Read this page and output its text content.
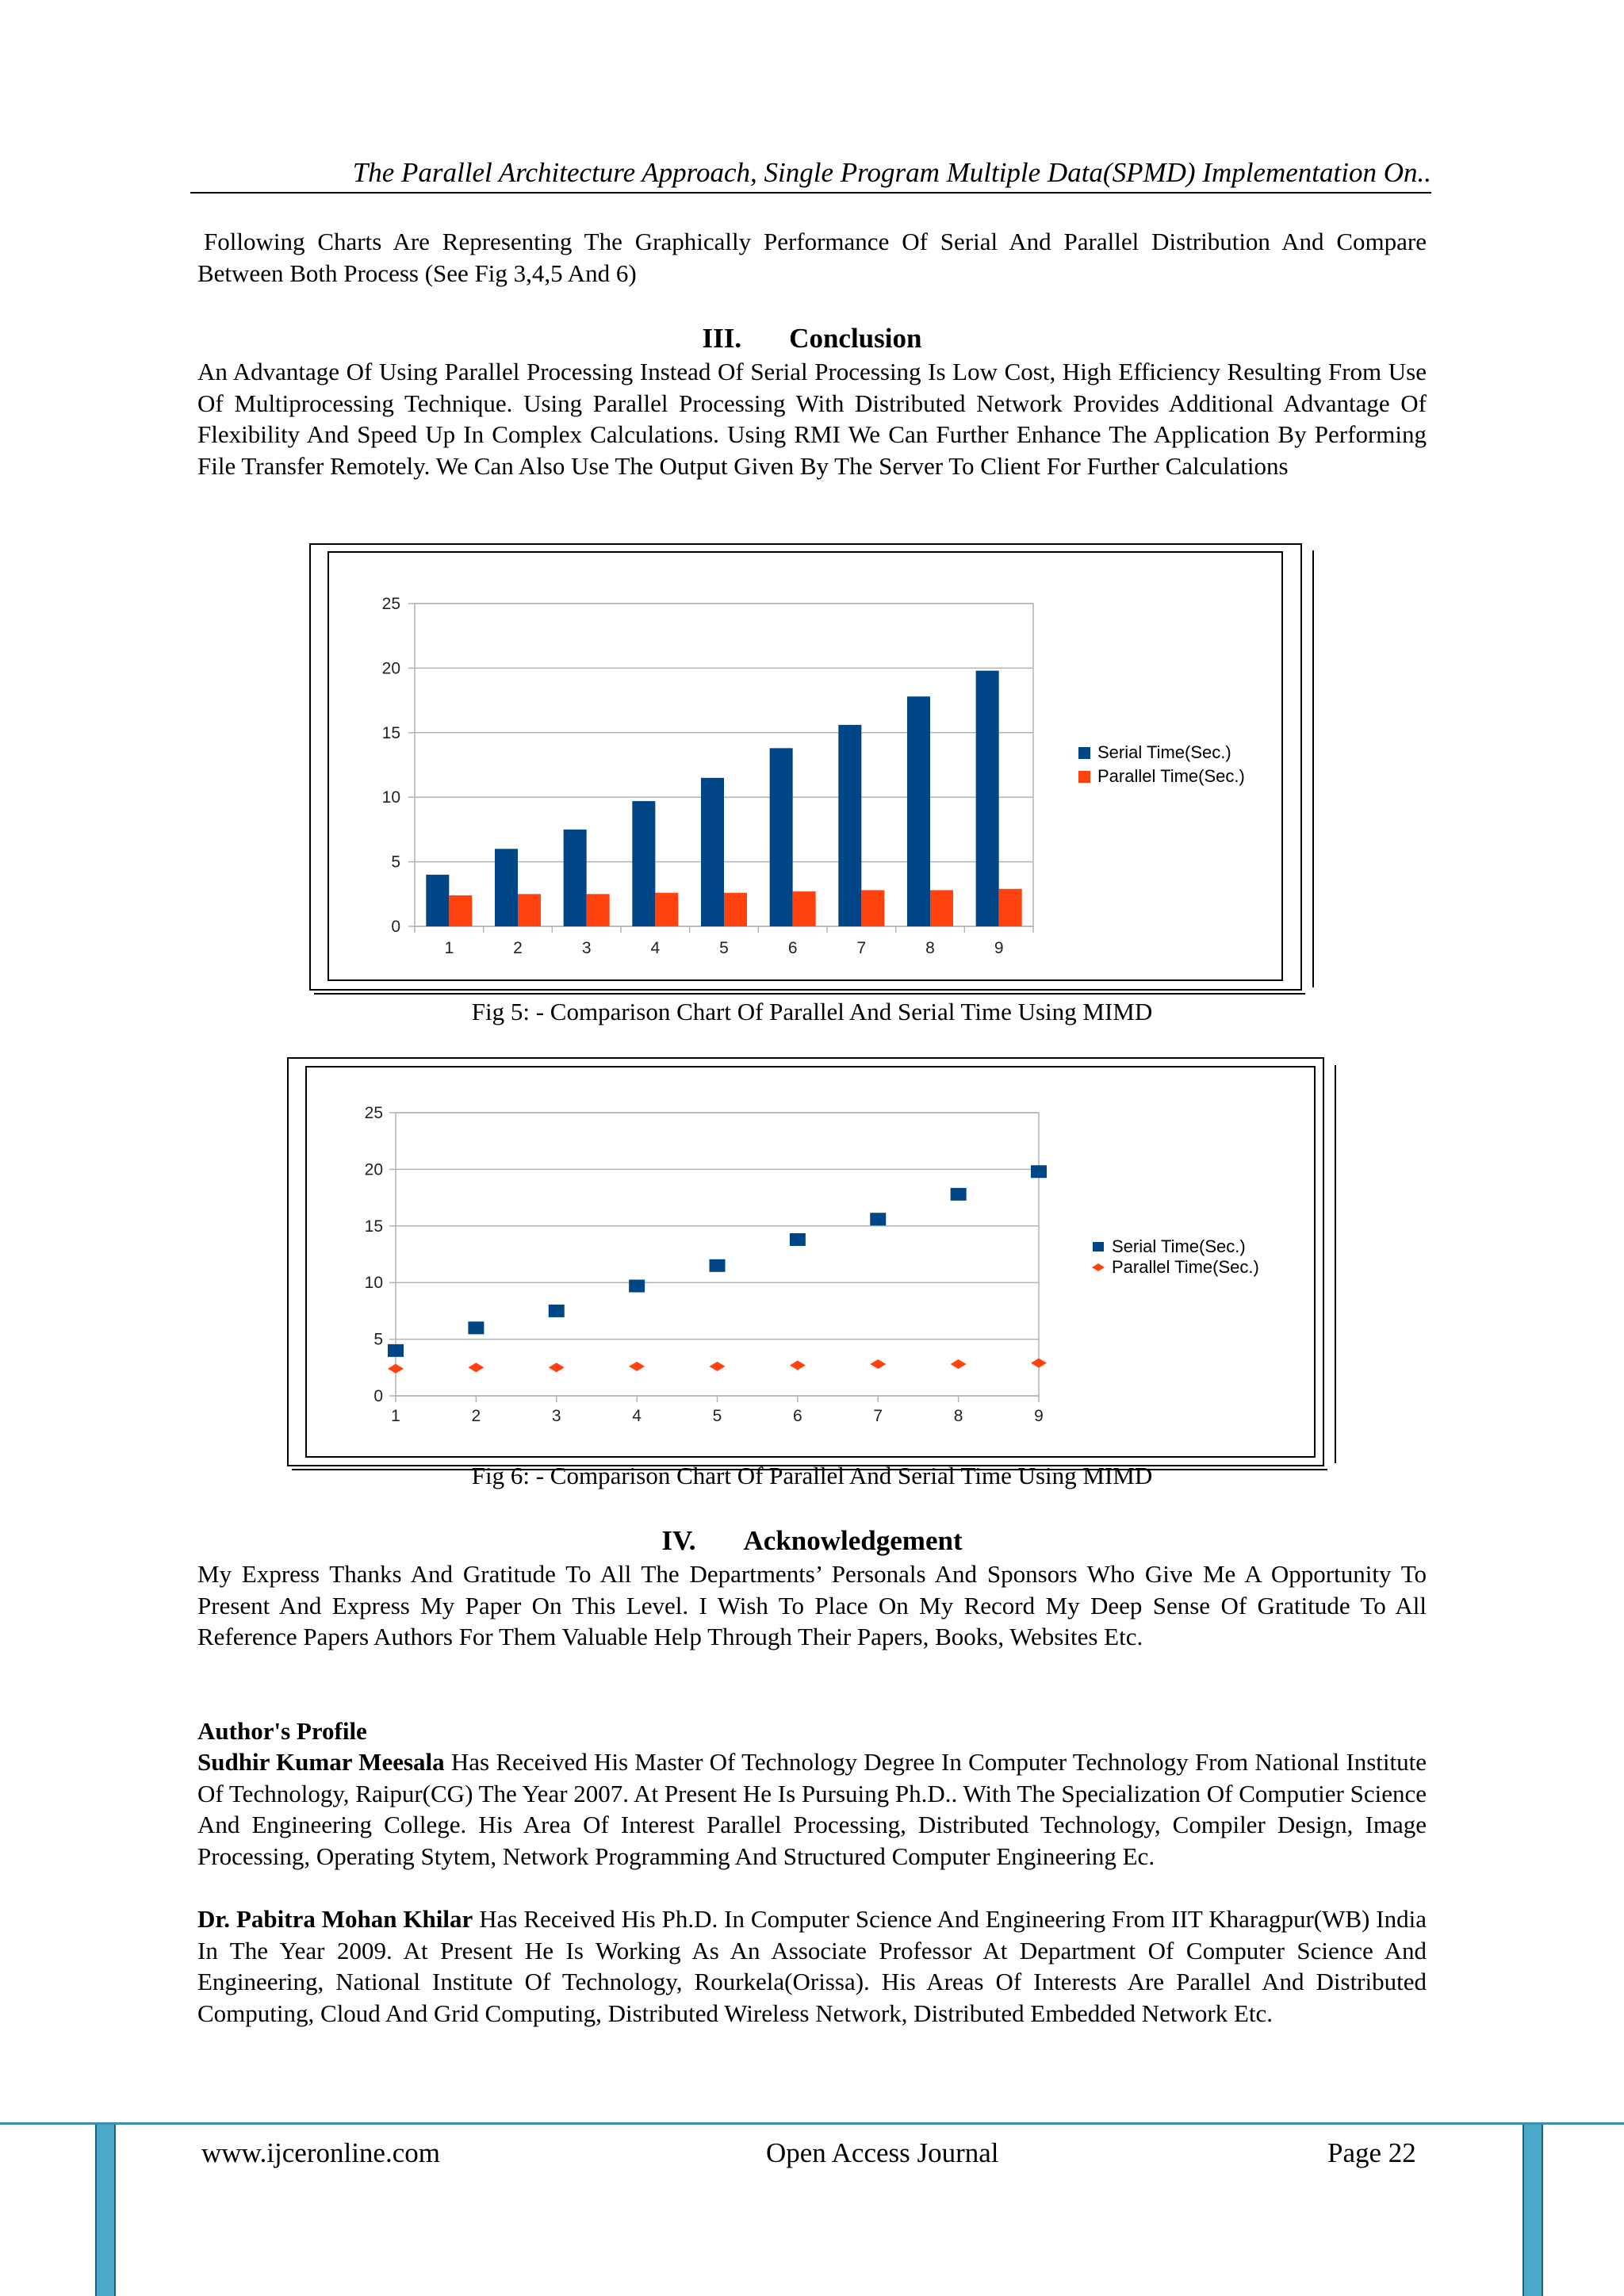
The Parallel Architecture Approach, Single Program Multiple Data(SPMD) Implementation On..

Following Charts Are Representing The Graphically Performance Of Serial And Parallel Distribution And Compare Between Both Process (See Fig 3,4,5 And 6)

III. Conclusion

An Advantage Of Using Parallel Processing Instead Of Serial Processing Is Low Cost, High Efficiency Resulting From Use Of Multiprocessing Technique. Using Parallel Processing With Distributed Network Provides Additional Advantage Of Flexibility And Speed Up In Complex Calculations. Using RMI We Can Further Enhance The Application By Performing File Transfer Remotely. We Can Also Use The Output Given By The Server To Client For Further Calculations

0
5
10
15
20
25
1	2	3	4	5	6	7	8	9
Serial Time(Sec.)
Parallel Time(Sec.)
Fig 5: - Comparison Chart Of Parallel And Serial Time Using MIMD
0
5
10
15
20
25
1	2	3	4	5	6	7	8	9
Serial Time(Sec.)
Parallel Time(Sec.)
Fig 6: - Comparison Chart Of Parallel And Serial Time Using MIMD
IV. Acknowledgement

My Express Thanks And Gratitude To All The Departments’ Personals And Sponsors Who Give Me A Opportunity To Present And Express My Paper On This Level. I Wish To Place On My Record My Deep Sense Of Gratitude To All Reference Papers Authors For Them Valuable Help Through Their Papers, Books, Websites Etc.

Author's Profile

Sudhir Kumar Meesala Has Received His Master Of Technology Degree In Computer Technology From National Institute Of Technology, Raipur(CG) The Year 2007. At Present He Is Pursuing Ph.D.. With The Specialization Of Computier Science And Engineering College. His Area Of Interest Parallel Processing, Distributed Technology, Compiler Design, Image Processing, Operating Stytem, Network Programming And Structured Computer Engineering Ec.

Dr. Pabitra Mohan Khilar Has Received His Ph.D. In Computer Science And Engineering From IIT Kharagpur(WB) India In The Year 2009. At Present He Is Working As An Associate Professor At Department Of Computer Science And Engineering, National Institute Of Technology, Rourkela(Orissa). His Areas Of Interests Are Parallel And Distributed Computing, Cloud And Grid Computing, Distributed Wireless Network, Distributed Embedded Network Etc.

www.ijceronline.com	Open Access Journal	Page 22
